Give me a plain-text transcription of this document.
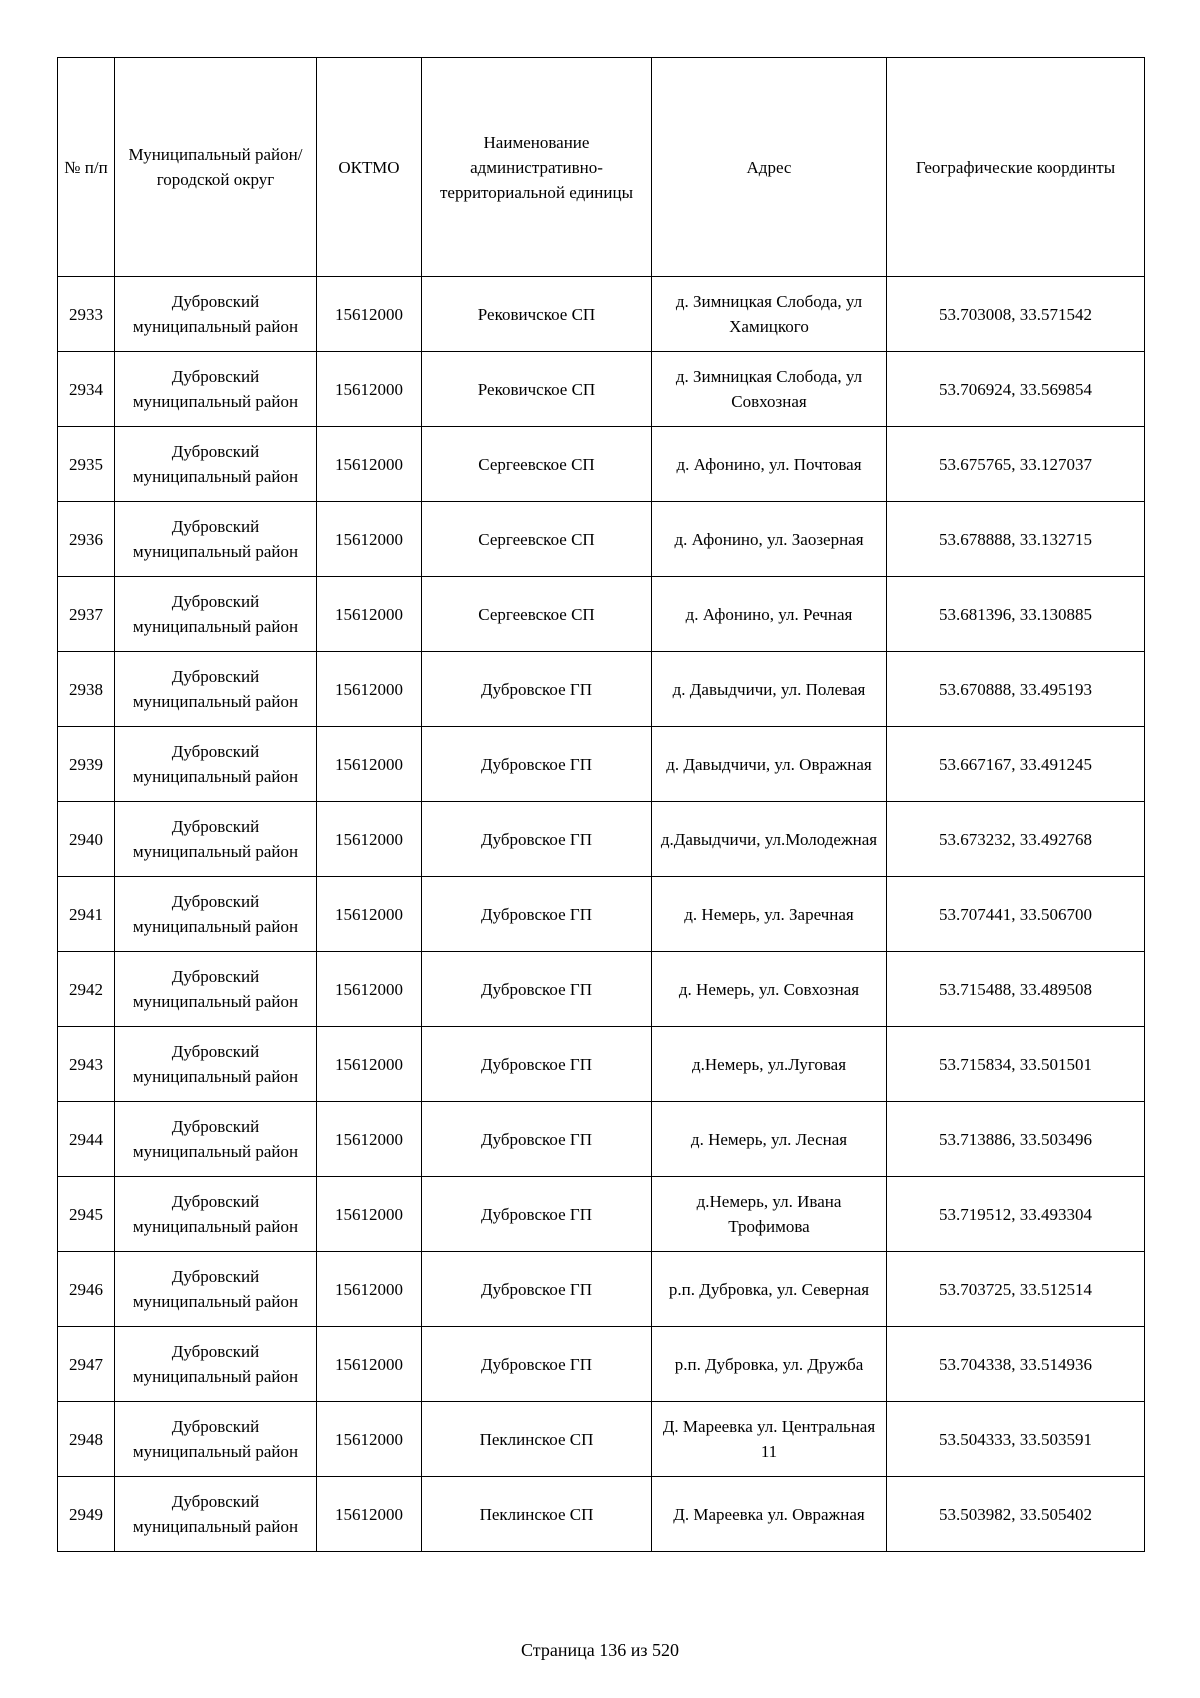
№ п/п	Муниципальный район/городской округ	ОКТМО	Наименование административно-территориальной единицы	Адрес	Географические координты
2933	Дубровский муниципальный район	15612000	Рековичское СП	д. Зимницкая Слобода, ул Хамицкого	53.703008, 33.571542
2934	Дубровский муниципальный район	15612000	Рековичское СП	д. Зимницкая Слобода, ул Совхозная	53.706924, 33.569854
2935	Дубровский муниципальный район	15612000	Сергеевское СП	д. Афонино, ул. Почтовая	53.675765, 33.127037
2936	Дубровский муниципальный район	15612000	Сергеевское СП	д. Афонино, ул. Заозерная	53.678888, 33.132715
2937	Дубровский муниципальный район	15612000	Сергеевское СП	д. Афонино, ул. Речная	53.681396, 33.130885
2938	Дубровский муниципальный район	15612000	Дубровское ГП	д. Давыдчичи, ул. Полевая	53.670888, 33.495193
2939	Дубровский муниципальный район	15612000	Дубровское ГП	д. Давыдчичи, ул. Овражная	53.667167, 33.491245
2940	Дубровский муниципальный район	15612000	Дубровское ГП	д.Давыдчичи, ул.Молодежная	53.673232, 33.492768
2941	Дубровский муниципальный район	15612000	Дубровское ГП	д. Немерь, ул. Заречная	53.707441, 33.506700
2942	Дубровский муниципальный район	15612000	Дубровское ГП	д. Немерь, ул. Совхозная	53.715488, 33.489508
2943	Дубровский муниципальный район	15612000	Дубровское ГП	д.Немерь, ул.Луговая	53.715834, 33.501501
2944	Дубровский муниципальный район	15612000	Дубровское ГП	д. Немерь, ул. Лесная	53.713886, 33.503496
2945	Дубровский муниципальный район	15612000	Дубровское ГП	д.Немерь, ул. Ивана Трофимова	53.719512, 33.493304
2946	Дубровский муниципальный район	15612000	Дубровское ГП	р.п. Дубровка, ул. Северная	53.703725, 33.512514
2947	Дубровский муниципальный район	15612000	Дубровское ГП	р.п. Дубровка, ул. Дружба	53.704338, 33.514936
2948	Дубровский муниципальный район	15612000	Пеклинское СП	Д. Мареевка ул. Центральная 11	53.504333, 33.503591
2949	Дубровский муниципальный район	15612000	Пеклинское СП	Д. Мареевка ул. Овражная	53.503982, 33.505402
Страница 136 из 520
